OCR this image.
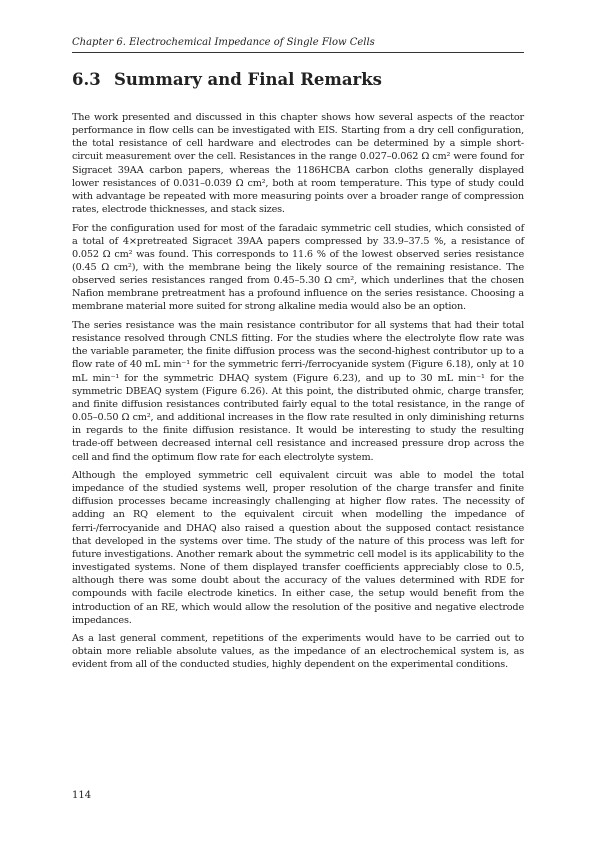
Chapter 6. Electrochemical Impedance of Single Flow Cells
6.3 Summary and Final Remarks

The work presented and discussed in this chapter shows how several aspects of the reactor performance in flow cells can be investigated with EIS. Starting from a dry cell configuration, the total resistance of cell hardware and electrodes can be determined by a simple short-circuit measurement over the cell. Resistances in the range 0.027–0.062 Ω cm² were found for Sigracet 39AA carbon papers, whereas the 1186HCBA carbon cloths generally displayed lower resistances of 0.031–0.039 Ω cm², both at room temperature. This type of study could with advantage be repeated with more measuring points over a broader range of compression rates, electrode thicknesses, and stack sizes.

For the configuration used for most of the faradaic symmetric cell studies, which consisted of a total of 4×pretreated Sigracet 39AA papers compressed by 33.9–37.5 %, a resistance of 0.052 Ω cm² was found. This corresponds to 11.6 % of the lowest observed series resistance (0.45 Ω cm²), with the membrane being the likely source of the remaining resistance. The observed series resistances ranged from 0.45–5.30 Ω cm², which underlines that the chosen Nafion membrane pretreatment has a profound influence on the series resistance. Choosing a membrane material more suited for strong alkaline media would also be an option.

The series resistance was the main resistance contributor for all systems that had their total resistance resolved through CNLS fitting. For the studies where the electrolyte flow rate was the variable parameter, the finite diffusion process was the second-highest contributor up to a flow rate of 40 mL min⁻¹ for the symmetric ferri-/ferrocyanide system (Figure 6.18), only at 10 mL min⁻¹ for the symmetric DHAQ system (Figure 6.23), and up to 30 mL min⁻¹ for the symmetric DBEAQ system (Figure 6.26). At this point, the distributed ohmic, charge transfer, and finite diffusion resistances contributed fairly equal to the total resistance, in the range of 0.05–0.50 Ω cm², and additional increases in the flow rate resulted in only diminishing returns in regards to the finite diffusion resistance. It would be interesting to study the resulting trade-off between decreased internal cell resistance and increased pressure drop across the cell and find the optimum flow rate for each electrolyte system.

Although the employed symmetric cell equivalent circuit was able to model the total impedance of the studied systems well, proper resolution of the charge transfer and finite diffusion processes became increasingly challenging at higher flow rates. The necessity of adding an RQ element to the equivalent circuit when modelling the impedance of ferri-/ferrocyanide and DHAQ also raised a question about the supposed contact resistance that developed in the systems over time. The study of the nature of this process was left for future investigations. Another remark about the symmetric cell model is its applicability to the investigated systems. None of them displayed transfer coefficients appreciably close to 0.5, although there was some doubt about the accuracy of the values determined with RDE for compounds with facile electrode kinetics. In either case, the setup would benefit from the introduction of an RE, which would allow the resolution of the positive and negative electrode impedances.

As a last general comment, repetitions of the experiments would have to be carried out to obtain more reliable absolute values, as the impedance of an electrochemical system is, as evident from all of the conducted studies, highly dependent on the experimental conditions.

114
